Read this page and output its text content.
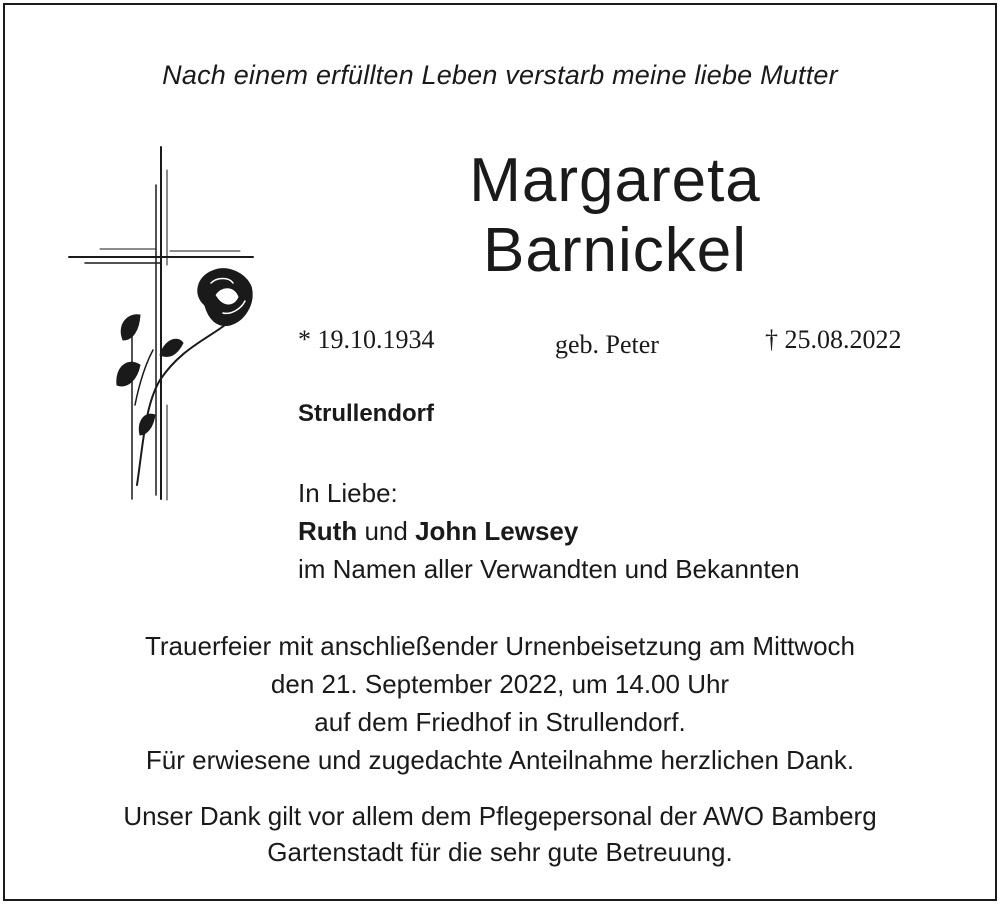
Nach einem erfüllten Leben verstarb meine liebe Mutter
Margareta
Barnickel
* 19.10.1934	geb. Peter	† 25.08.2022
Strullendorf
In Liebe:
Ruth und John Lewsey
im Namen aller Verwandten und Bekannten
Trauerfeier mit anschließender Urnenbeisetzung am Mittwoch
den 21. September 2022, um 14.00 Uhr
auf dem Friedhof in Strullendorf.
Für erwiesene und zugedachte Anteilnahme herzlichen Dank.
Unser Dank gilt vor allem dem Pflegepersonal der AWO Bamberg
Gartenstadt für die sehr gute Betreuung.
